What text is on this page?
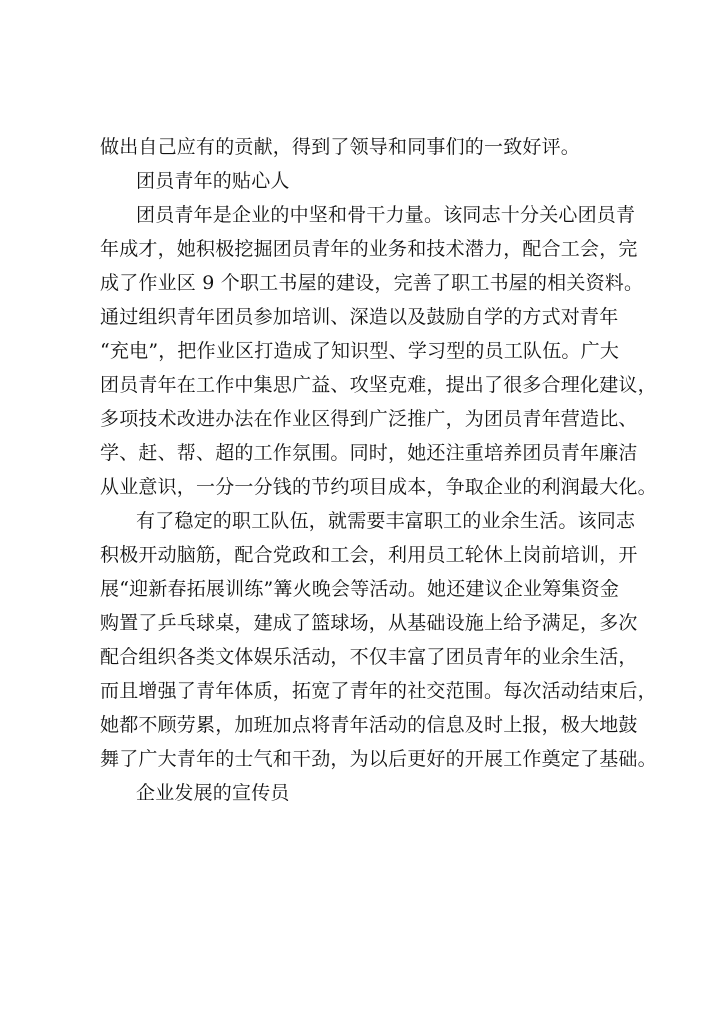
做出自己应有的贡献，得到了领导和同事们的一致好评。
团员青年的贴心人
团员青年是企业的中坚和骨干力量。该同志十分关心团员青
年成才，她积极挖掘团员青年的业务和技术潜力，配合工会，完
成了作业区 9 个职工书屋的建设，完善了职工书屋的相关资料。
通过组织青年团员参加培训、深造以及鼓励自学的方式对青年
“充电”，把作业区打造成了知识型、学习型的员工队伍。广大
团员青年在工作中集思广益、攻坚克难，提出了很多合理化建议，
多项技术改进办法在作业区得到广泛推广，为团员青年营造比、
学、赶、帮、超的工作氛围。同时，她还注重培养团员青年廉洁
从业意识，一分一分钱的节约项目成本，争取企业的利润最大化。
有了稳定的职工队伍，就需要丰富职工的业余生活。该同志
积极开动脑筋，配合党政和工会，利用员工轮休上岗前培训，开
展“迎新春拓展训练”篝火晚会等活动。她还建议企业筹集资金
购置了乒乓球桌，建成了篮球场，从基础设施上给予满足，多次
配合组织各类文体娱乐活动，不仅丰富了团员青年的业余生活，
而且增强了青年体质，拓宽了青年的社交范围。每次活动结束后，
她都不顾劳累，加班加点将青年活动的信息及时上报，极大地鼓
舞了广大青年的士气和干劲，为以后更好的开展工作奠定了基础。
企业发展的宣传员
